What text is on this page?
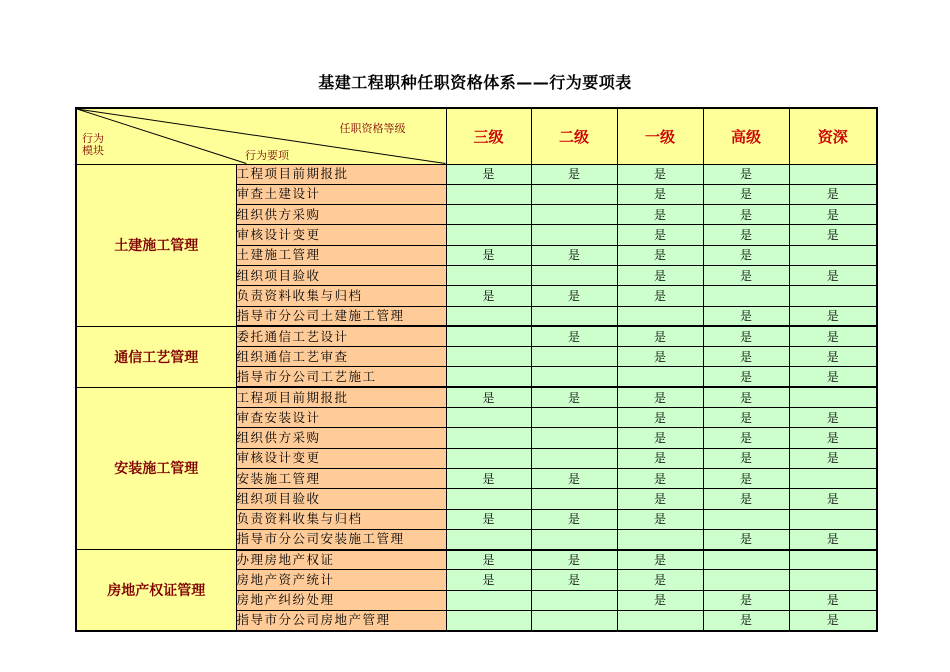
基建工程职种任职资格体系——行为要项表
任职资格等级
行为要项
行为
模块		三级	二级	一级	高级	资深
土建施工管理	工程项目前期报批	是	是	是	是	
	审查土建设计			是	是	是
	组织供方采购			是	是	是
	审核设计变更			是	是	是
	土建施工管理	是	是	是	是	
	组织项目验收			是	是	是
	负责资料收集与归档	是	是	是		
	指导市分公司土建施工管理				是	是
通信工艺管理	委托通信工艺设计		是	是	是	是
	组织通信工艺审查			是	是	是
	指导市分公司工艺施工				是	是
安装施工管理	工程项目前期报批	是	是	是	是	
	审查安装设计			是	是	是
	组织供方采购			是	是	是
	审核设计变更			是	是	是
	安装施工管理	是	是	是	是	
	组织项目验收			是	是	是
	负责资料收集与归档	是	是	是		
	指导市分公司安装施工管理				是	是
房地产权证管理	办理房地产权证	是	是	是		
	房地产资产统计	是	是	是		
	房地产纠纷处理			是	是	是
	指导市分公司房地产管理				是	是
